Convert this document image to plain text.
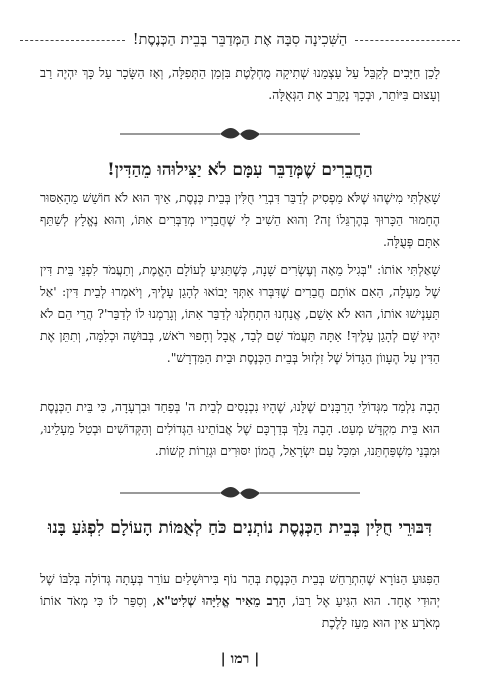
הַשִּׁכִינָה סִבָּה אֶת הַמְּדַבֵּר בְּבֵית הַכְּנֶסֶת!

לָכֵן חַיָּבִים לְקַבֵּל עַל עַצְמֵנוּ שְׁתִיקָה מֻחְלֶטֶת בִּזְמַן הַתְּפִלָּה, וְאָז הַשָּׂכָר עַל כָּךְ יִהְיֶה רַב וְעָצוּם בִּיּוֹתֵר, וּבְכָךְ נְקָרֵב אֶת הַגְּאֻלָּה.

הַחֲבֵרִים שֶׁמְּדַבֵּר עִמָּם לֹא יַצִּילוּהוּ מֵהַדִּין!

שָׁאַלְתִּי מִישֶׁהוּ שֶׁלֹּא מַפְסִיק לְדַבֵּר דִּבְרֵי חֻלִּין בְּבֵית כְּנֶסֶת, אֵיךְ הוּא לֹא חוֹשֵׁשׁ מֵהָאִסּוּר הֶחָמוּר הַכָּרוּךְ בְּהֶרְגֵּלוֹ זֶה? וְהוּא הֵשִׁיב לִי שֶׁחֲבֵרָיו מְדַבְּרִים אִתּוֹ, וְהוּא נֶאֱלָץ לְשַׁתֵּף אִתָּם פְּעֻלָּה.

שָׁאַלְתִּי אוֹתוֹ: "בְּגִיל מֵאָה וְעֶשְׂרִים שָׁנָה, כְּשֶׁתַּגִּיעַ לְעוֹלָם הָאֱמֶת, וְתַעֲמֹד לִפְנֵי בֵּית דִּין שֶׁל מַעְלָה, הַאִם אוֹתָם חֲבֵרִים שֶׁדִּבְּרוּ אִתְּךָ יָבוֹאוּ לְהָגֵן עָלֶיךָ, וְיֹאמְרוּ לְבֵית דִּין: 'אַל תַּעַנְישׁוּ אוֹתוֹ, הוּא לֹא אָשֵׁם, אֲנַחְנוּ הִתְחַלְנוּ לְדַבֵּר אִתּוֹ, וְגָרַמְנוּ לוֹ לְדַבֵּר'? הֲרֵי הֵם לֹא יִהְיוּ שָׁם לְהָגֵן עָלֶיךָ! אַתָּה תַּעֲמֹד שָׁם לְבַד, אֲבָל וְחָפוּי רֹאשׁ, בְּבוּשָׁה וּכְלִמָּה, וְתִתֵּן אֶת הַדִּין עַל הֶעָווֹן הַגָּדוֹל שֶׁל זִלְזוּל בְּבֵית הַכְּנֶסֶת וּבֵית הַמִּדְרָשׁ".

הָבָה נִלְמַד מִגְּדוֹלֵי הָרַבָּנִים שֶׁלָּנוּ, שֶׁהָיוּ נִכְנָסִים לְבֵית ה' בְּפַחַד וּבִרְעָדָה, כִּי בֵּית הַכְּנֶסֶת הוּא בֵּית מִקְדָּשׁ מְעַט. הָבָה נֵלֵךְ בְּדַרְכָּם שֶׁל אֲבוֹתֵינוּ הַגְּדוֹלִים וְהַקְּדוֹשִׁים וּבְטַל מֵעָלֵינוּ, וּמִבְּנֵי מִשְׁפַּחְתֵּנוּ, וּמִכָּל עַם יִשְׂרָאֵל, הֲמוֹן יִסּוּרִים וּגְזֵרוֹת קָשׁוֹת.

דִּבּוּרֵי חֻלִּין בְּבֵית הַכְּנֶסֶת נוֹתְנִים כֹּחַ לְאֻמּוֹת הָעוֹלָם לִפְגֹּעַ בָּנוּ

הַפִּגּוּעַ הַנּוֹרָא שֶׁהִתְרַחֵשׁ בְּבֵית הַכְּנֶסֶת בְּהַר נוֹף בִּירוּשָׁלַיִם עוֹרֵר בְּעָתָה גְּדוֹלָה בְּלִבּוֹ שֶׁל יְהוּדִי אֶחָד. הוּא הִגִּיעַ אֶל רַבּוֹ, הָרַב מֵאִיר אֱלִיָּהוּ שְׁלִיט"א, וְסִפֵּר לוֹ כִּי מְאֹד אוֹתוֹ מְאֹרָע אֵין הוּא מֵעֵז לָלֶכֶת

| רמו |
